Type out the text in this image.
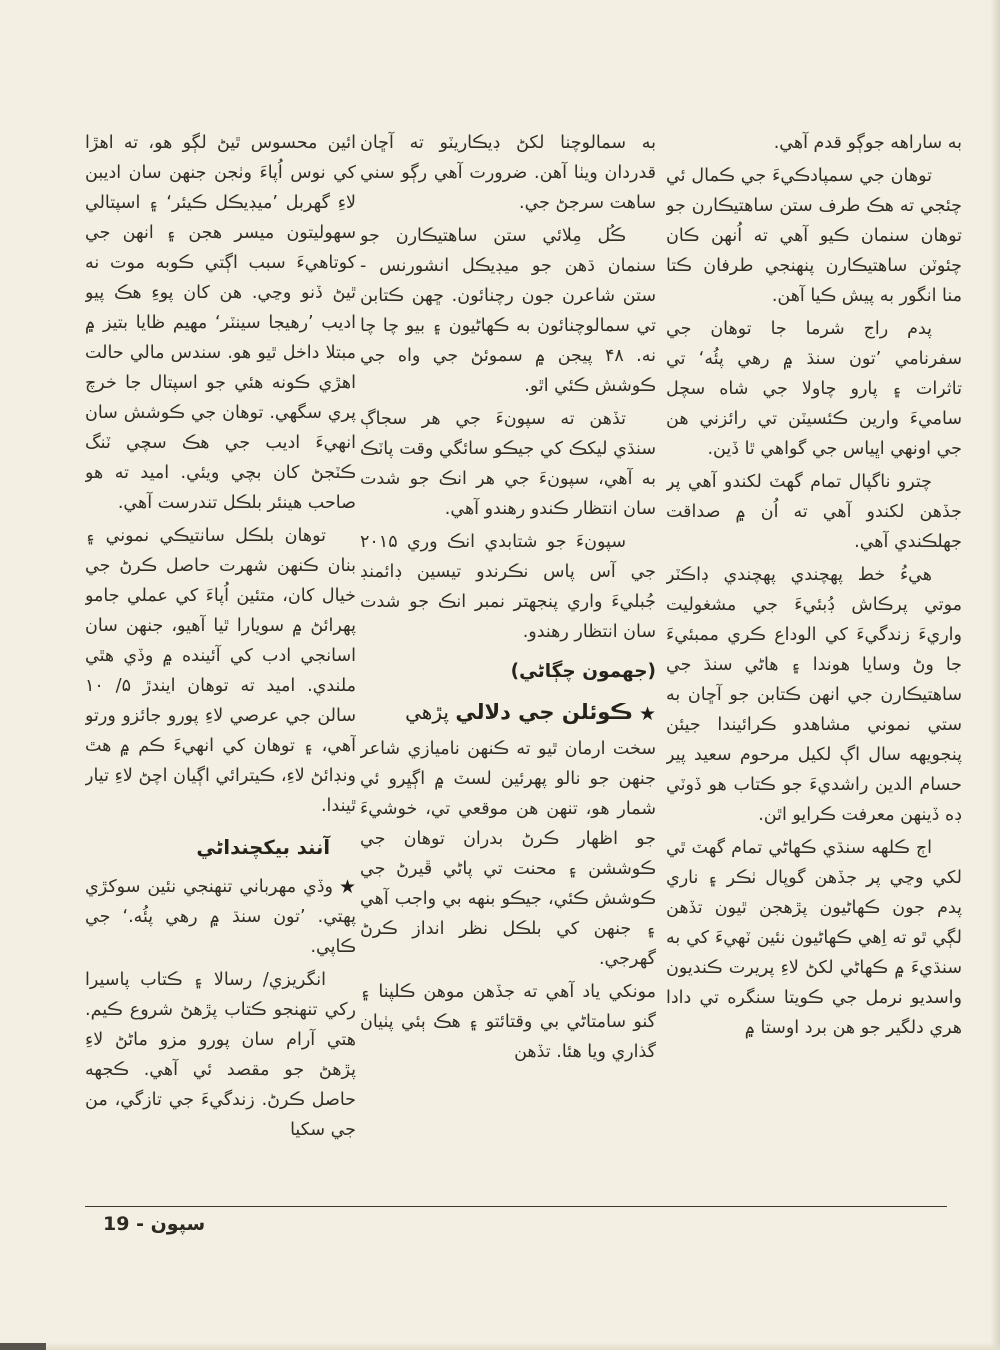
به ساراهه جوڳو قدم آهي.

توهان جي سمپادڪيءَ جي ڪمال ئي چئجي ته هڪ طرف ستن ساهتيڪارن جو توهان سنمان ڪيو آهي ته اُنهن ڪان چئوٽن ساهتيڪارن پنهنجي طرفان ڪتا منا انگور به پيش ڪيا آهن.

پدم راج شرما جا توهان جي سفرنامي ’تون سنڌ ۾ رهي پئُه‘ تي تاثرات ۽ پارو چاولا جي شاه سچل ساميءَ وارين ڪئسيٽن تي رائزني هن جي اونهي اڀياس جي گواهي ٿا ڏين.

چترو ناگپال تمام گهٽ لکندو آهي پر جڏهن لکندو آهي ته اُن ۾ صداقت جهلڪندي آهي.

هيءُ خط پهچندي پهچندي ڊاڪٽر موتي پرڪاش ڊُبئيءَ جي مشغوليت واريءَ زندگيءَ کي الوداع ڪري ممبئيءَ جا وڻ وسايا هوندا ۽ هاڻي سنڌ جي ساهتيڪارن جي انهن ڪتابن جو آڇان به ستي نموني مشاهدو ڪرائيندا جيئن پنجويهه سال اڳ لکيل مرحوم سعيد پير حسام الدين راشديءَ جو ڪتاب هو ڏوٽي ڊه ڏينهن معرفت ڪرايو اٿن.

اڄ ڪلهه سنڌي ڪهاڻي تمام گهٽ ٿي لکي وڃي پر جڏهن گوپال ٺڪر ۽ ناري پدم جون ڪهاڻيون پڙهجن ٿيون تڏهن لڳي ٿو ته اِهي ڪهاڻيون نئين ٽهيءَ کي به سنڌيءَ ۾ ڪهاڻي لکڻ لاءِ پريرت ڪنديون واسديو نرمل جي ڪويتا سنگره تي دادا هري دلگير جو هن برد اوستا ۾

به سمالوچنا لکڻ ڊيڪاريٽو ته آڇان قدردان ويٺا آهن. ضرورت آهي رڳو سني ساهت سرجڻ جي.

ڪُل مِلائي ستن ساهتيڪارن جو سنمان ڌهن جو ميڊيڪل انشورنس - ستن شاعرن جون رچنائون. ڇهن ڪتابن تي سمالوچنائون به ڪهاڻيون ۽ بيو چا چا نه. ۴۸ پيجن ۾ سموئڻ جي واه جي ڪوشش ڪئي اٿو.

تڏهن ته سپونءَ جي هر سجاڳ سنڌي ليکڪ کي جيڪو سائگي وقت پاٽڪ به آهي، سپونءَ جي هر انڪ جو شدت سان انتظار ڪندو رهندو آهي.

سپونءَ جو شتابدي انڪ وري ۲۰۱۵ جي آس پاس نڪرندو تيسين ڊائمنڊ جُبليءَ واري پنجهتر نمبر انڪ جو شدت سان انتظار رهندو.

(جهمون چڳاڻي)

★ڪوئلن جي دلالي پڙهي

سخت ارمان ٿيو ته ڪنهن ناميازي شاعر جنهن جو نالو پهرئين لسٽ ۾ اڳڀرو ئي شمار هو، تنهن هن موقعي تي، خوشيءَ جو اظهار ڪرڻ بدران توهان جي ڪوششن ۽ محنت تي پاڻي ڦيرڻ جي ڪوشش ڪئي، جيڪو بنهه بي واجب آهي ۽ جنهن کي بلڪل نظر انداز ڪرڻ گهرجي.

مونکي ياد آهي ته جڏهن موهن ڪلپنا ۽ گنو سامتاڻي بي وقتائتو ۽ هڪ ٻئي پٺيان گذاري ويا هئا. تڏهن

ائين محسوس ٿيڻ لڳو هو، ته اهڙا کي نوس اُپاءَ وٺجن جنهن سان اديبن لاءِ گهربل ’ميڊيڪل ڪيئر‘ ۽ اسپتالي سهوليتون ميسر هجن ۽ انهن جي کوتاهيءَ سبب اڳتي ڪوبه موت نه ٿيڻ ڏنو وڃي. هن کان پوءِ هڪ پيو اديب ’رهيجا سينٽر‘ مهيم ظايا بتيز ۾ مبتلا داخل ٿيو هو. سندس مالي حالت اهڙي ڪونه هئي جو اسپتال جا خرچ پري سگهي. توهان جي ڪوشش سان انهيءَ اديب جي هڪ سچي ٽنگ ڪٽجڻ کان بچي ويئي. اميد ته هو صاحب هينئر بلڪل تندرست آهي.

توهان بلڪل سانتيڪي نموني ۽ بنان ڪنهن شهرت حاصل ڪرڻ جي خيال کان، متئين اُپاءَ کي عملي جامو پهرائڻ ۾ سويارا ٿيا آهيو، جنهن سان اسانجي ادب کي آئينده ۾ وڏي هٿي ملندي. اميد ته توهان ايندڙ ۵/ ۱۰ سالن جي عرصي لاءِ پورو جائزو ورتو آهي، ۽ توهان کي انهيءَ ڪم ۾ هٿ ونڊائڻ لاءِ، ڪيترائي اڳيان اچڻ لاءِ تيار ٿيندا.

آنند بيکچنداڻي

★وڏي مهرباني تنهنجي نئين سوکڙي پهتي. ’تون سنڌ ۾ رهي پئُه.‘ جي ڪاپي.

انگريزي/ رسالا ۽ ڪتاب پاسيرا رکي تنهنجو ڪتاب پڙهڻ شروع ڪيم. هتي آرام سان پورو مزو ماڻڻ لاءِ پڙهڻ جو مقصد ئي آهي. ڪجهه حاصل ڪرڻ. زندگيءَ جي تازگي، من جي سکيا

سپون - 19
